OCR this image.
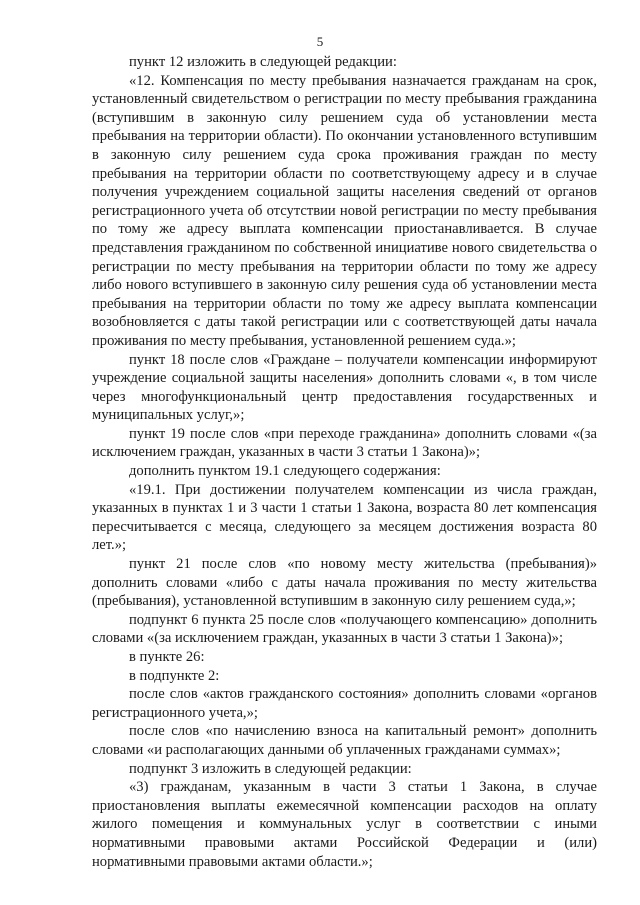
5

пункт 12 изложить в следующей редакции:

«12. Компенсация по месту пребывания назначается гражданам на срок, установленный свидетельством о регистрации по месту пребывания гражданина (вступившим в законную силу решением суда об установлении места пребывания на территории области). По окончании установленного вступившим в законную силу решением суда срока проживания граждан по месту пребывания на территории области по соответствующему адресу и в случае получения учреждением социальной защиты населения сведений от органов регистрационного учета об отсутствии новой регистрации по месту пребывания по тому же адресу выплата компенсации приостанавливается. В случае представления гражданином по собственной инициативе нового свидетельства о регистрации по месту пребывания на территории области по тому же адресу либо нового вступившего в законную силу решения суда об установлении места пребывания на территории области по тому же адресу выплата компенсации возобновляется с даты такой регистрации или с соответствующей даты начала проживания по месту пребывания, установленной решением суда.»;

пункт 18 после слов «Граждане – получатели компенсации информируют учреждение социальной защиты населения» дополнить словами «, в том числе через многофункциональный центр предоставления государственных и муниципальных услуг,»;

пункт 19 после слов «при переходе гражданина» дополнить словами «(за исключением граждан, указанных в части 3 статьи 1 Закона)»;

дополнить пунктом 19.1 следующего содержания:

«19.1. При достижении получателем компенсации из числа граждан, указанных в пунктах 1 и 3 части 1 статьи 1 Закона, возраста 80 лет компенсация пересчитывается с месяца, следующего за месяцем достижения возраста 80 лет.»;

пункт 21 после слов «по новому месту жительства (пребывания)» дополнить словами «либо с даты начала проживания по месту жительства (пребывания), установленной вступившим в законную силу решением суда,»;

подпункт 6 пункта 25 после слов «получающего компенсацию» дополнить словами «(за исключением граждан, указанных в части 3 статьи 1 Закона)»;

в пункте 26:

в подпункте 2:

после слов «актов гражданского состояния» дополнить словами «органов регистрационного учета,»;

после слов «по начислению взноса на капитальный ремонт» дополнить словами «и располагающих данными об уплаченных гражданами суммах»;

подпункт 3 изложить в следующей редакции:

«3) гражданам, указанным в части 3 статьи 1 Закона, в случае приостановления выплаты ежемесячной компенсации расходов на оплату жилого помещения и коммунальных услуг в соответствии с иными нормативными правовыми актами Российской Федерации и (или) нормативными правовыми актами области.»;
